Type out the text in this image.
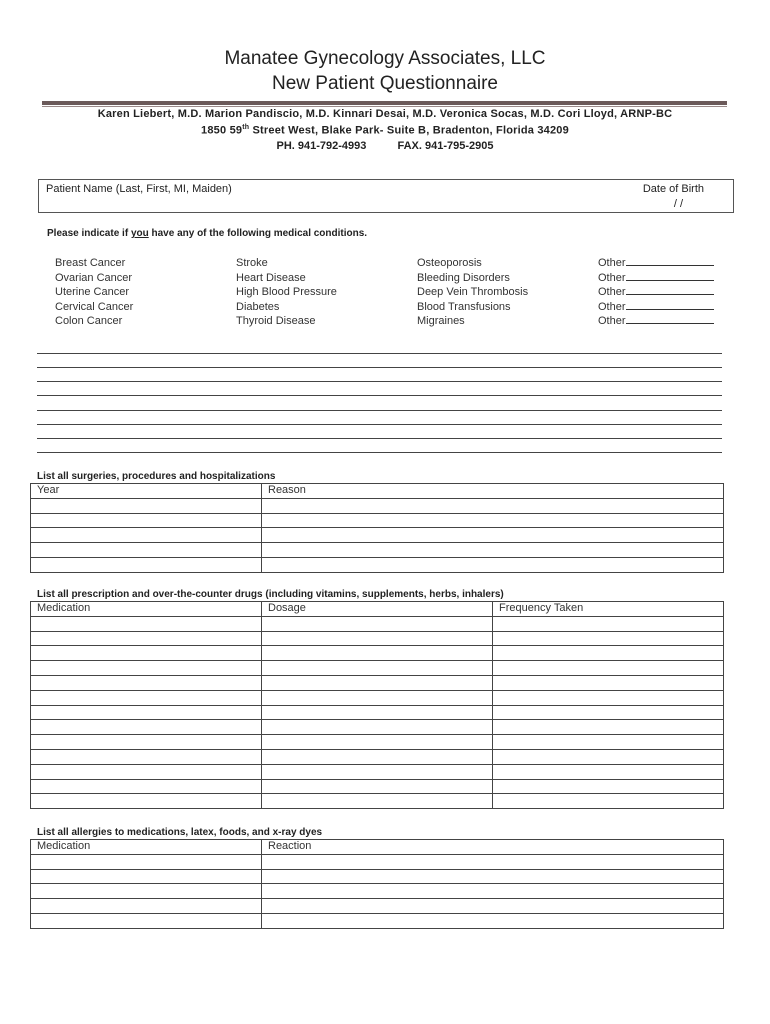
Manatee Gynecology Associates, LLC
New Patient Questionnaire
Karen Liebert, M.D. Marion Pandiscio, M.D. Kinnari Desai, M.D. Veronica Socas, M.D. Cori Lloyd, ARNP-BC
1850 59th Street West, Blake Park- Suite B, Bradenton, Florida 34209
PH. 941-792-4993	FAX. 941-795-2905
Patient Name (Last, First, MI, Maiden)	Date of Birth
/ /
Please indicate if you have any of the following medical conditions.
Breast Cancer
Ovarian Cancer
Uterine Cancer
Cervical Cancer
Colon Cancer
Stroke
Heart Disease
High Blood Pressure
Diabetes
Thyroid Disease
Osteoporosis
Bleeding Disorders
Deep Vein Thrombosis
Blood Transfusions
Migraines
Other
Other
Other
Other
Other
List all surgeries, procedures and hospitalizations
Year	Reason

List all prescription and over-the-counter drugs (including vitamins, supplements, herbs, inhalers)
Medication	Dosage	Frequency Taken

List all allergies to medications, latex, foods, and x-ray dyes
Medication	Reaction
